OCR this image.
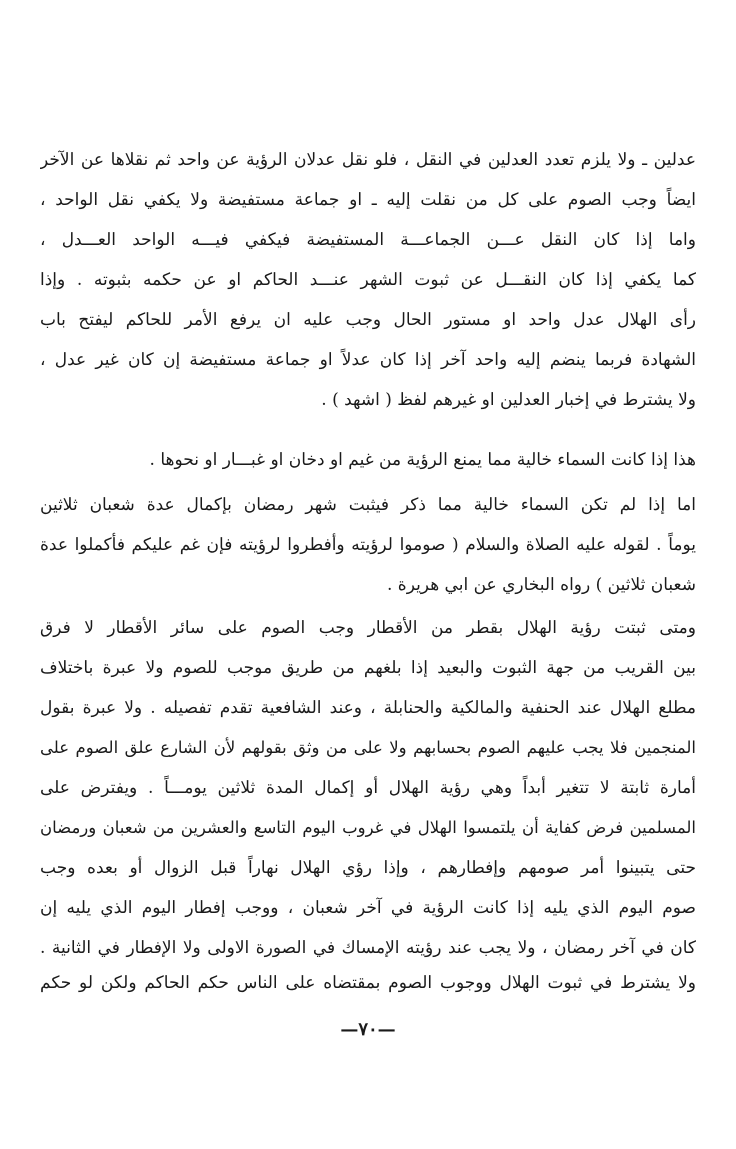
عدلين ـ ولا يلزم تعدد العدلين في النقل ، فلو نقل عدلان الرؤية عن واحد ثم نقلاها عن الآخر
ايضاً وجب الصوم على كل من نقلت إليه ـ او جماعة مستفيضة ولا يكفي نقل الواحد ،
واما إذا كان النقل عـــن الجماعـــة المستفيضة فيكفي فيـــه الواحد العـــدل ،
كما يكفي إذا كان النقـــل عن ثبوت الشهر عنـــد الحاكم او عن حكمه بثبوته . وإذا
رأى الهلال عدل واحد او مستور الحال وجب عليه ان يرفع الأمر للحاكم ليفتح باب
الشهادة فربما ينضم إليه واحد آخر إذا كان عدلاً او جماعة مستفيضة إن كان غير عدل ،
ولا يشترط في إخبار العدلين او غيرهم لفظ ( اشهد ) .
هذا إذا كانت السماء خالية مما يمنع الرؤية من غيم او دخان او غبـــار او نحوها .
اما إذا لم تكن السماء خالية مما ذكر فيثبت شهر رمضان بإكمال عدة شعبان ثلاثين
يوماً . لقوله عليه الصلاة والسلام ( صوموا لرؤيته وأفطروا لرؤيته فإن غم عليكم فأكملوا عدة
شعبان ثلاثين ) رواه البخاري عن ابي هريرة .
ومتى ثبتت رؤية الهلال بقطر من الأقطار وجب الصوم على سائر الأقطار لا فرق
بين القريب من جهة الثبوت والبعيد إذا بلغهم من طريق موجب للصوم ولا عبرة باختلاف
مطلع الهلال عند الحنفية والمالكية والحنابلة ، وعند الشافعية تقدم تفصيله . ولا عبرة بقول
المنجمين فلا يجب عليهم الصوم بحسابهم ولا على من وثق بقولهم لأن الشارع علق الصوم على
أمارة ثابتة لا تتغير أبداً وهي رؤية الهلال أو إكمال المدة ثلاثين يومـــاً . ويفترض على
المسلمين فرض كفاية أن يلتمسوا الهلال في غروب اليوم التاسع والعشرين من شعبان ورمضان
حتى يتبينوا أمر صومهم وإفطارهم ، وإذا رؤي الهلال نهاراً قبل الزوال أو بعده وجب
صوم اليوم الذي يليه إذا كانت الرؤية في آخر شعبان ، ووجب إفطار اليوم الذي يليه إن
كان في آخر رمضان ، ولا يجب عند رؤيته الإمساك في الصورة الاولى ولا الإفطار في الثانية .
ولا يشترط في ثبوت الهلال ووجوب الصوم بمقتضاه على الناس حكم الحاكم ولكن لو حكم
—٧٠—
